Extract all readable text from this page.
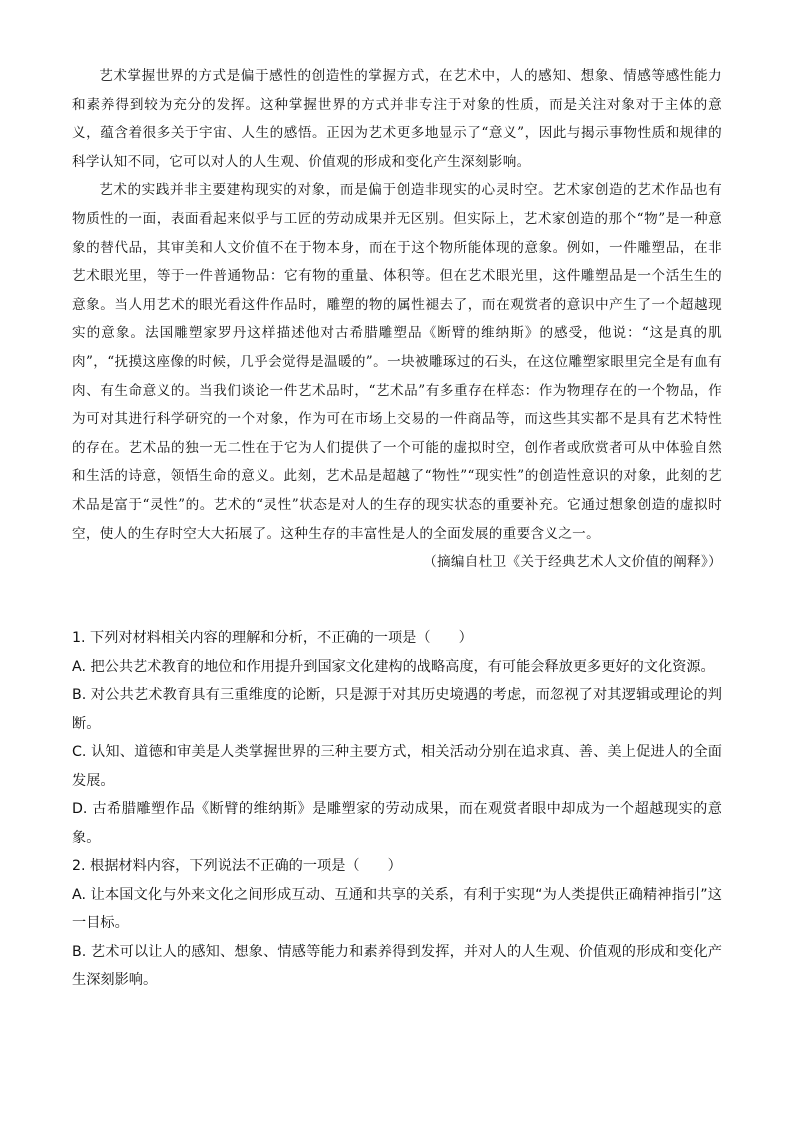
艺术掌握世界的方式是偏于感性的创造性的掌握方式，在艺术中，人的感知、想象、情感等感性能力和素养得到较为充分的发挥。这种掌握世界的方式并非专注于对象的性质，而是关注对象对于主体的意义，蕴含着很多关于宇宙、人生的感悟。正因为艺术更多地显示了“意义”，因此与揭示事物性质和规律的科学认知不同，它可以对人的人生观、价值观的形成和变化产生深刻影响。

艺术的实践并非主要建构现实的对象，而是偏于创造非现实的心灵时空。艺术家创造的艺术作品也有物质性的一面，表面看起来似乎与工匠的劳动成果并无区别。但实际上，艺术家创造的那个“物”是一种意象的替代品，其审美和人文价值不在于物本身，而在于这个物所能体现的意象。例如，一件雕塑品，在非艺术眼光里，等于一件普通物品：它有物的重量、体积等。但在艺术眼光里，这件雕塑品是一个活生生的意象。当人用艺术的眼光看这件作品时，雕塑的物的属性褪去了，而在观赏者的意识中产生了一个超越现实的意象。法国雕塑家罗丹这样描述他对古希腊雕塑品《断臂的维纳斯》的感受，他说：“这是真的肌肉”，“抚摸这座像的时候，几乎会觉得是温暖的”。一块被雕琢过的石头，在这位雕塑家眼里完全是有血有肉、有生命意义的。当我们谈论一件艺术品时，“艺术品”有多重存在样态：作为物理存在的一个物品，作为可对其进行科学研究的一个对象，作为可在市场上交易的一件商品等，而这些其实都不是具有艺术特性的存在。艺术品的独一无二性在于它为人们提供了一个可能的虚拟时空，创作者或欣赏者可从中体验自然和生活的诗意，领悟生命的意义。此刻，艺术品是超越了“物性”“现实性”的创造性意识的对象，此刻的艺术品是富于“灵性”的。艺术的“灵性”状态是对人的生存的现实状态的重要补充。它通过想象创造的虚拟时空，使人的生存时空大大拓展了。这种生存的丰富性是人的全面发展的重要含义之一。

（摘编自杜卫《关于经典艺术人文价值的阐释》）

1. 下列对材料相关内容的理解和分析，不正确的一项是（ ）

A. 把公共艺术教育的地位和作用提升到国家文化建构的战略高度，有可能会释放更多更好的文化资源。

B. 对公共艺术教育具有三重维度的论断，只是源于对其历史境遇的考虑，而忽视了对其逻辑或理论的判断。

C. 认知、道德和审美是人类掌握世界的三种主要方式，相关活动分别在追求真、善、美上促进人的全面发展。

D. 古希腊雕塑作品《断臂的维纳斯》是雕塑家的劳动成果，而在观赏者眼中却成为一个超越现实的意象。

2. 根据材料内容，下列说法不正确的一项是（ ）

A. 让本国文化与外来文化之间形成互动、互通和共享的关系，有利于实现“为人类提供正确精神指引”这一目标。

B. 艺术可以让人的感知、想象、情感等能力和素养得到发挥，并对人的人生观、价值观的形成和变化产生深刻影响。
